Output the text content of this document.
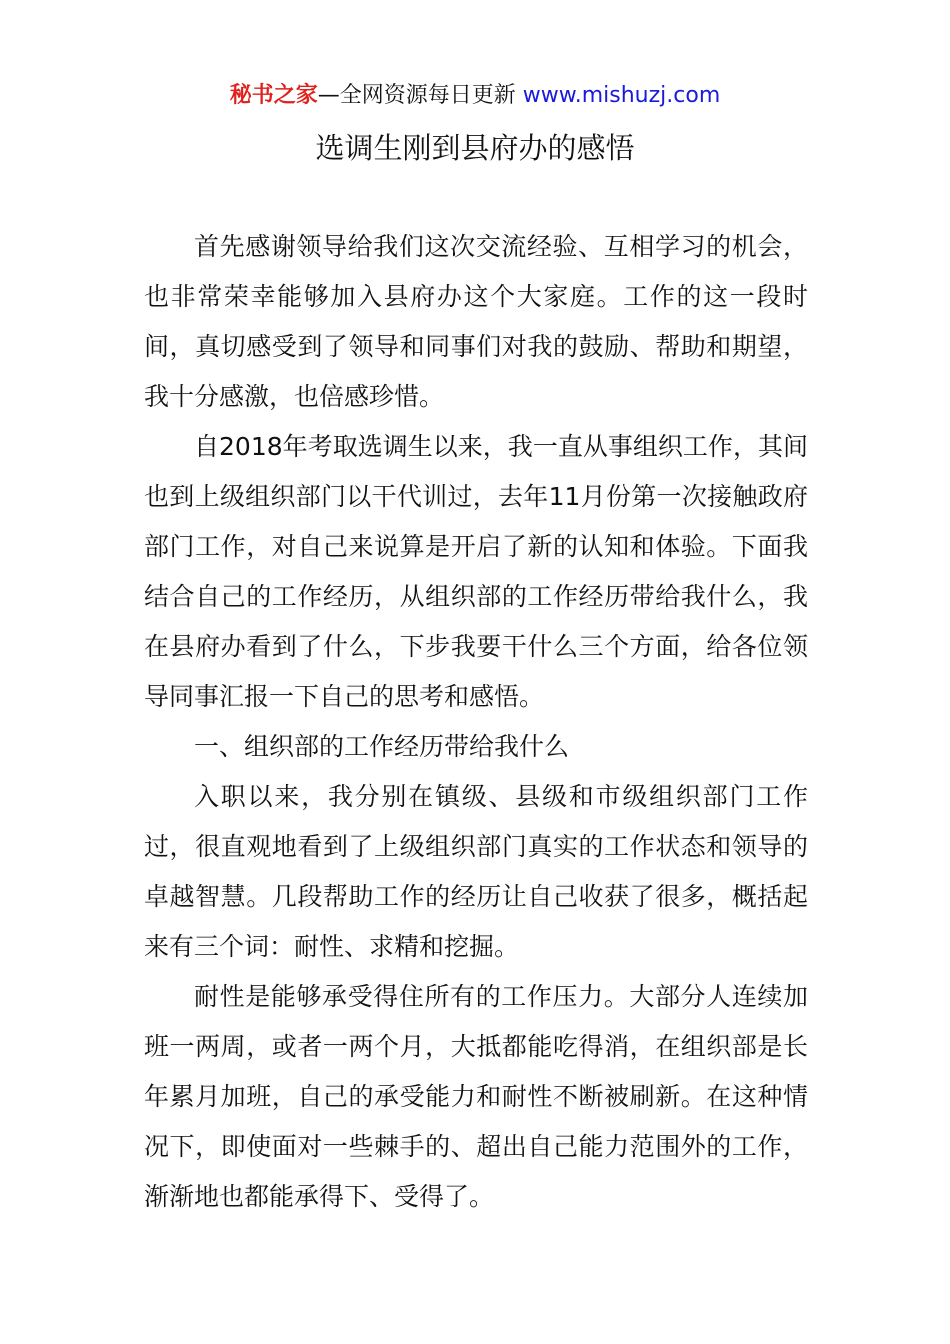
秘书之家—全网资源每日更新 www.mishuzj.com
选调生刚到县府办的感悟

首先感谢领导给我们这次交流经验、互相学习的机会，也非常荣幸能够加入县府办这个大家庭。工作的这一段时间，真切感受到了领导和同事们对我的鼓励、帮助和期望，我十分感激，也倍感珍惜。

自2018年考取选调生以来，我一直从事组织工作，其间也到上级组织部门以干代训过，去年11月份第一次接触政府部门工作，对自己来说算是开启了新的认知和体验。下面我结合自己的工作经历，从组织部的工作经历带给我什么，我在县府办看到了什么，下步我要干什么三个方面，给各位领导同事汇报一下自己的思考和感悟。

一、组织部的工作经历带给我什么

入职以来，我分别在镇级、县级和市级组织部门工作过，很直观地看到了上级组织部门真实的工作状态和领导的卓越智慧。几段帮助工作的经历让自己收获了很多，概括起来有三个词：耐性、求精和挖掘。

耐性是能够承受得住所有的工作压力。大部分人连续加班一两周，或者一两个月，大抵都能吃得消，在组织部是长年累月加班，自己的承受能力和耐性不断被刷新。在这种情况下，即使面对一些棘手的、超出自己能力范围外的工作，渐渐地也都能承得下、受得了。
